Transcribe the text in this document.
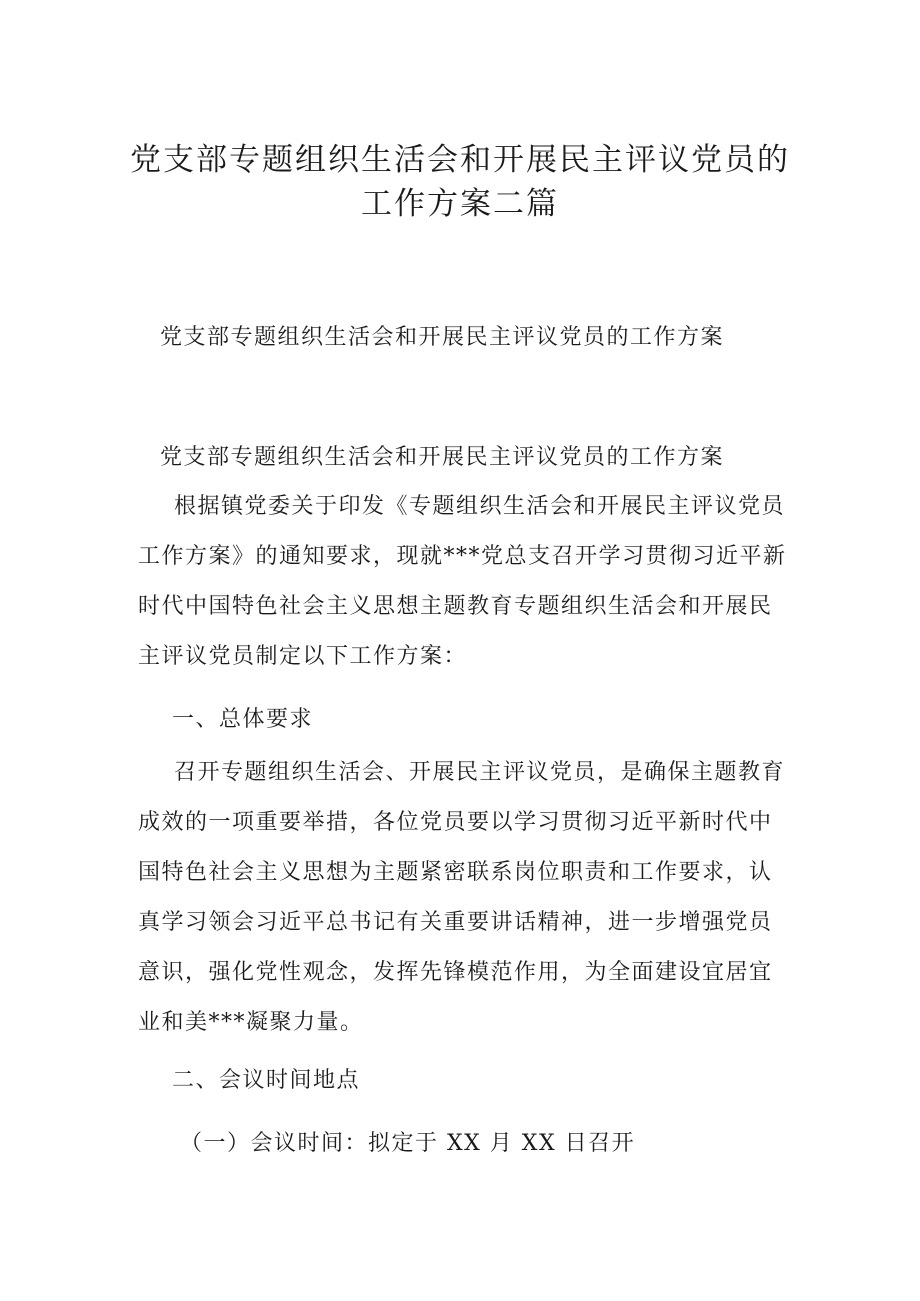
党支部专题组织生活会和开展民主评议党员的
工作方案二篇

党支部专题组织生活会和开展民主评议党员的工作方案

党支部专题组织生活会和开展民主评议党员的工作方案

根据镇党委关于印发《专题组织生活会和开展民主评议党员
工作方案》的通知要求，现就***党总支召开学习贯彻习近平新
时代中国特色社会主义思想主题教育专题组织生活会和开展民
主评议党员制定以下工作方案：

一、总体要求

召开专题组织生活会、开展民主评议党员，是确保主题教育
成效的一项重要举措，各位党员要以学习贯彻习近平新时代中
国特色社会主义思想为主题紧密联系岗位职责和工作要求，认
真学习领会习近平总书记有关重要讲话精神，进一步增强党员
意识，强化党性观念，发挥先锋模范作用，为全面建设宜居宜
业和美***凝聚力量。

二、会议时间地点

（一）会议时间：拟定于 XX 月 XX 日召开
